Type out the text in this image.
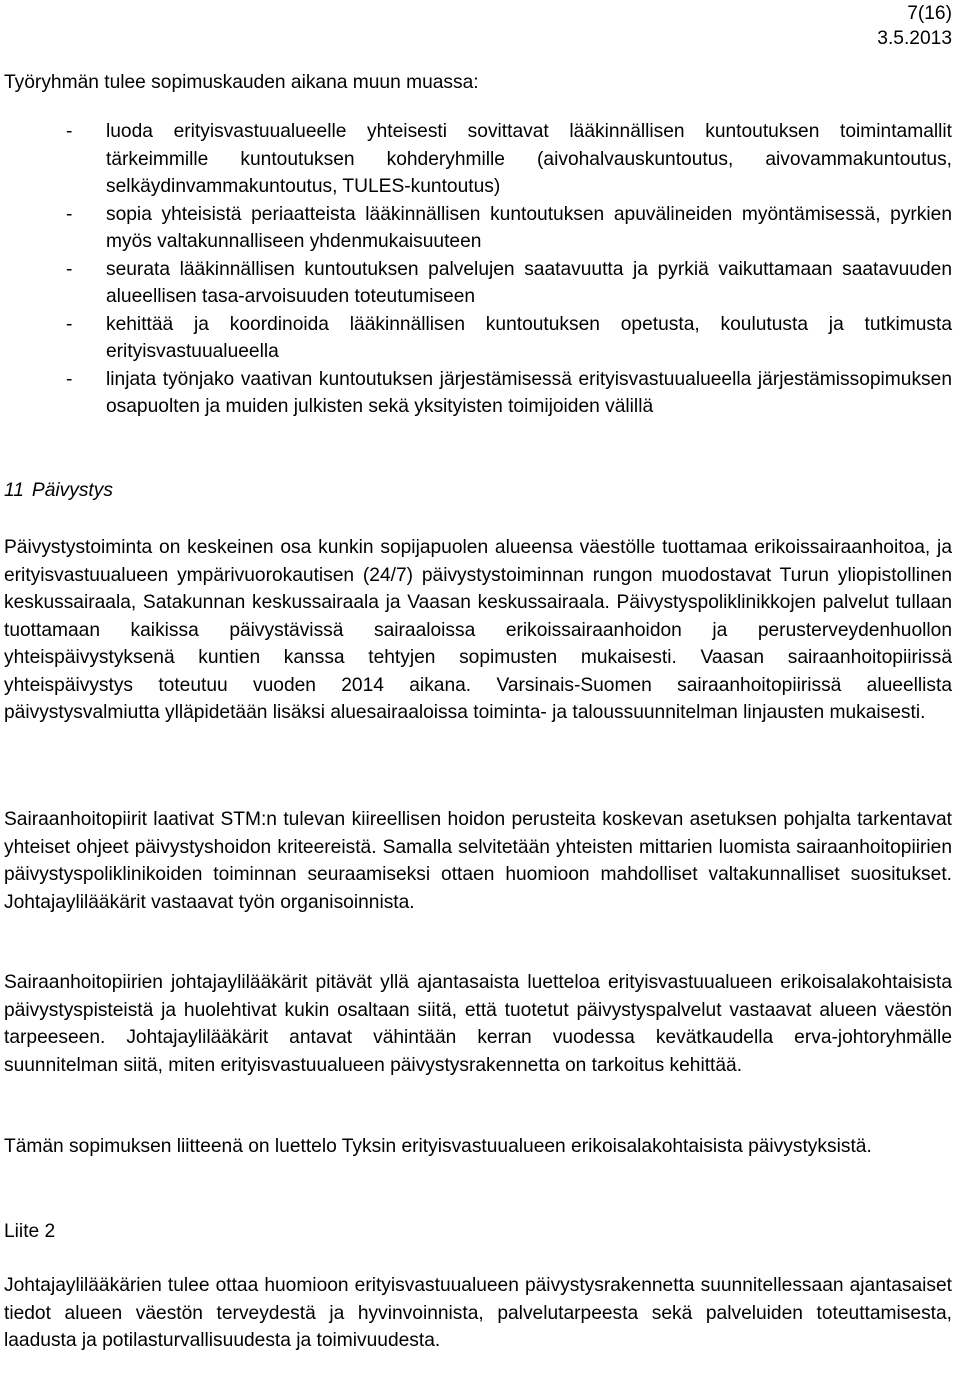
7(16)
3.5.2013

Työryhmän tulee sopimuskauden aikana muun muassa:

- luoda erityisvastuualueelle yhteisesti sovittavat lääkinnällisen kuntoutuksen toimintamallit tärkeimmille kuntoutuksen kohderyhmille (aivohalvauskuntoutus, aivovammakuntoutus, selkäydinvammakuntoutus, TULES-kuntoutus)
- sopia yhteisistä periaatteista lääkinnällisen kuntoutuksen apuvälineiden myöntämisessä, pyrkien myös valtakunnalliseen yhdenmukaisuuteen
- seurata lääkinnällisen kuntoutuksen palvelujen saatavuutta ja pyrkiä vaikuttamaan saatavuuden alueellisen tasa-arvoisuuden toteutumiseen
- kehittää ja koordinoida lääkinnällisen kuntoutuksen opetusta, koulutusta ja tutkimusta erityisvastuualueella
- linjata työnjako vaativan kuntoutuksen järjestämisessä erityisvastuualueella järjestämissopimuksen osapuolten ja muiden julkisten sekä yksityisten toimijoiden välillä
11 Päivystys

Päivystystoiminta on keskeinen osa kunkin sopijapuolen alueensa väestölle tuottamaa erikoissairaanhoitoa, ja erityisvastuualueen ympärivuorokautisen (24/7) päivystystoiminnan rungon muodostavat Turun yliopistollinen keskussairaala, Satakunnan keskussairaala ja Vaasan keskussairaala. Päivystyspoliklinikkojen palvelut tullaan tuottamaan kaikissa päivystävissä sairaaloissa erikoissairaanhoidon ja perusterveydenhuollon yhteispäivystyksenä kuntien kanssa tehtyjen sopimusten mukaisesti. Vaasan sairaanhoitopiirissä yhteispäivystys toteutuu vuoden 2014 aikana. Varsinais-Suomen sairaanhoitopiirissä alueellista päivystysvalmiutta ylläpidetään lisäksi aluesairaaloissa toiminta- ja taloussuunnitelman linjausten mukaisesti.

Sairaanhoitopiirit laativat STM:n tulevan kiireellisen hoidon perusteita koskevan asetuksen pohjalta tarkentavat yhteiset ohjeet päivystyshoidon kriteereistä. Samalla selvitetään yhteisten mittarien luomista sairaanhoitopiirien päivystyspoliklinikoiden toiminnan seuraamiseksi ottaen huomioon mahdolliset valtakunnalliset suositukset. Johtajaylilääkärit vastaavat työn organisoinnista.

Sairaanhoitopiirien johtajaylilääkärit pitävät yllä ajantasaista luetteloa erityisvastuualueen erikoisalakohtaisista päivystyspisteistä ja huolehtivat kukin osaltaan siitä, että tuotetut päivystyspalvelut vastaavat alueen väestön tarpeeseen. Johtajaylilääkärit antavat vähintään kerran vuodessa kevätkaudella erva-johtoryhmälle suunnitelman siitä, miten erityisvastuualueen päivystysrakennetta on tarkoitus kehittää.

Tämän sopimuksen liitteenä on luettelo Tyksin erityisvastuualueen erikoisalakohtaisista päivystyksistä.

Liite 2

Johtajaylilääkärien tulee ottaa huomioon erityisvastuualueen päivystysrakennetta suunnitellessaan ajantasaiset tiedot alueen väestön terveydestä ja hyvinvoinnista, palvelutarpeesta sekä palveluiden toteuttamisesta, laadusta ja potilasturvallisuudesta ja toimivuudesta.
